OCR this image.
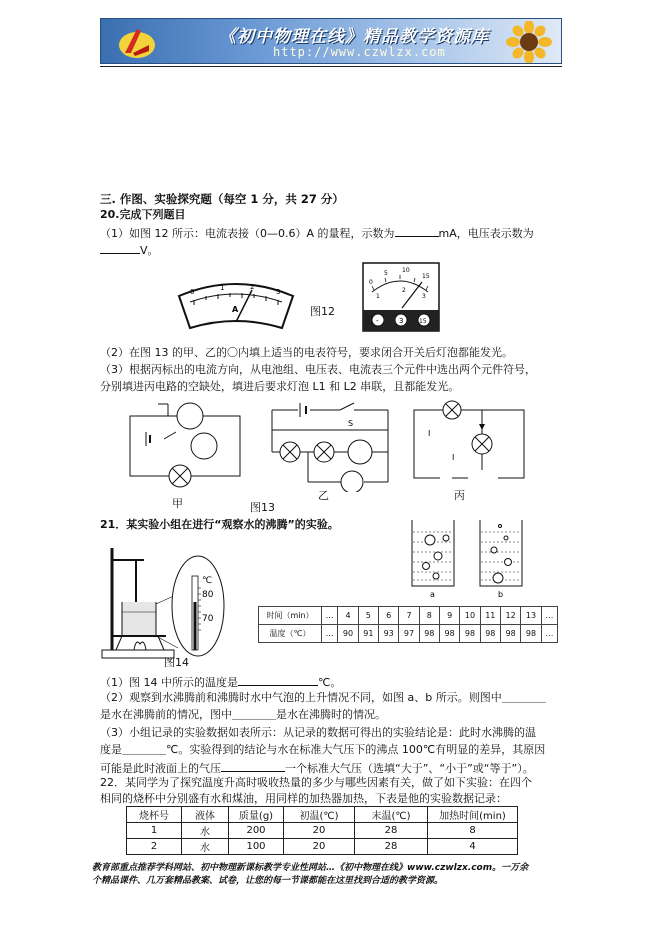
《初中物理在线》精品教学资源库
http://www.czwlzx.com
三. 作图、实验探究题（每空 1 分，共 27 分）
20.完成下列题目
（1）如图 12 所示：电流表接（0—0.6）A 的量程，示数为	mA，电压表示数为
V。
0	1	2
3
A	图12
0
5 10
15
1
2
3
-	3	15
（2）在图 13 的甲、乙的〇内填上适当的电表符号，要求闭合开关后灯泡都能发光。
（3）根据丙标出的电流方向，从电池组、电压表、电流表三个元件中选出两个元件符号，
分别填进丙电路的空缺处，填进后要求灯泡 L1 和 L2 串联，且都能发光。
甲	图13
S
乙
I
I
丙
21．某实验小组在进行“观察水的沸腾”的实验。
℃
80
70
图14
a	b
时间（min）	…	4	5	6	7	8	9	10	11	12	13	…
温度（℃）	…	90	91	93	97	98	98	98	98	98	98	…
（1）图 14 中所示的温度是	℃。
（2）观察到水沸腾前和沸腾时水中气泡的上升情况不同，如图 a、b 所示。则图中＿＿＿＿
是水在沸腾前的情况，图中＿＿＿＿是水在沸腾时的情况。
（3）小组记录的实验数据如表所示：从记录的数据可得出的实验结论是：此时水沸腾的温
度是＿＿＿＿℃。实验得到的结论与水在标准大气压下的沸点 100℃有明显的差异，其原因
可能是此时液面上的气压	一个标准大气压（选填“大于”、“小于”或“等于”）。
22．某同学为了探究温度升高时吸收热量的多少与哪些因素有关，做了如下实验：在四个
相同的烧杯中分别盛有水和煤油，用同样的加热器加热，下表是他的实验数据记录：
烧杯号	液体	质量(g)	初温(℃)	末温(℃)	加热时间(min)
1	水	200	20	28	8
2	水	100	20	28	4
教育部重点推荐学科网站、初中物理新课标教学专业性网站…《初中物理在线》www.czwlzx.com。一万余
个精品课件、几万套精品教案、试卷，让您的每一节课都能在这里找到合适的教学资源。
